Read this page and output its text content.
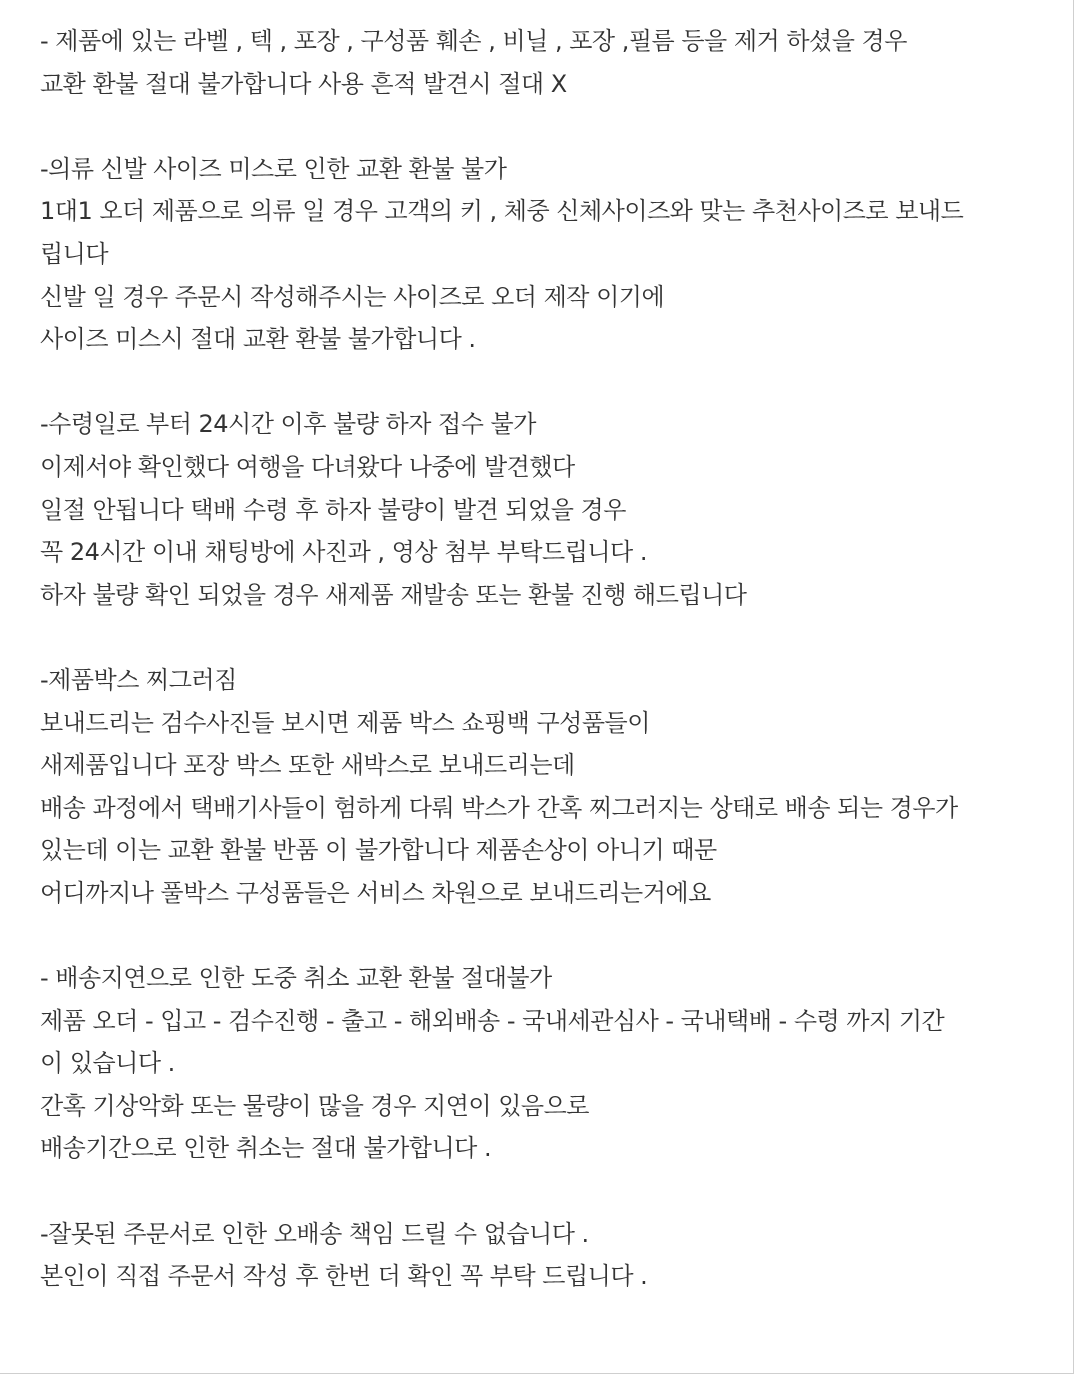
- 제품에 있는 라벨 , 텍 , 포장 , 구성품 훼손 , 비닐 , 포장 ,필름 등을 제거 하셨을 경우
교환 환불 절대 불가합니다 사용 흔적 발견시 절대 X
-의류 신발 사이즈 미스로 인한 교환 환불 불가
1대1 오더 제품으로 의류 일 경우 고객의 키 , 체중 신체사이즈와 맞는 추천사이즈로 보내드
립니다
신발 일 경우 주문시 작성해주시는 사이즈로 오더 제작 이기에
사이즈 미스시 절대 교환 환불 불가합니다 .
-수령일로 부터 24시간 이후 불량 하자 접수 불가
이제서야 확인했다 여행을 다녀왔다 나중에 발견했다
일절 안됩니다 택배 수령 후 하자 불량이 발견 되었을 경우
꼭 24시간 이내 채팅방에 사진과 , 영상 첨부 부탁드립니다 .
하자 불량 확인 되었을 경우 새제품 재발송 또는 환불 진행 해드립니다
-제품박스 찌그러짐
보내드리는 검수사진들 보시면 제품 박스 쇼핑백 구성품들이
새제품입니다 포장 박스 또한 새박스로 보내드리는데
배송 과정에서 택배기사들이 험하게 다뤄 박스가 간혹 찌그러지는 상태로 배송 되는 경우가
있는데 이는 교환 환불 반품 이 불가합니다 제품손상이 아니기 때문
어디까지나 풀박스 구성품들은 서비스 차원으로 보내드리는거에요
- 배송지연으로 인한 도중 취소 교환 환불 절대불가
제품 오더 - 입고 - 검수진행 - 출고 - 해외배송 - 국내세관심사 - 국내택배 - 수령 까지 기간
이 있습니다 .
간혹 기상악화 또는 물량이 많을 경우 지연이 있음으로
배송기간으로 인한 취소는 절대 불가합니다 .
-잘못된 주문서로 인한 오배송 책임 드릴 수 없습니다 .
본인이 직접 주문서 작성 후 한번 더 확인 꼭 부탁 드립니다 .
